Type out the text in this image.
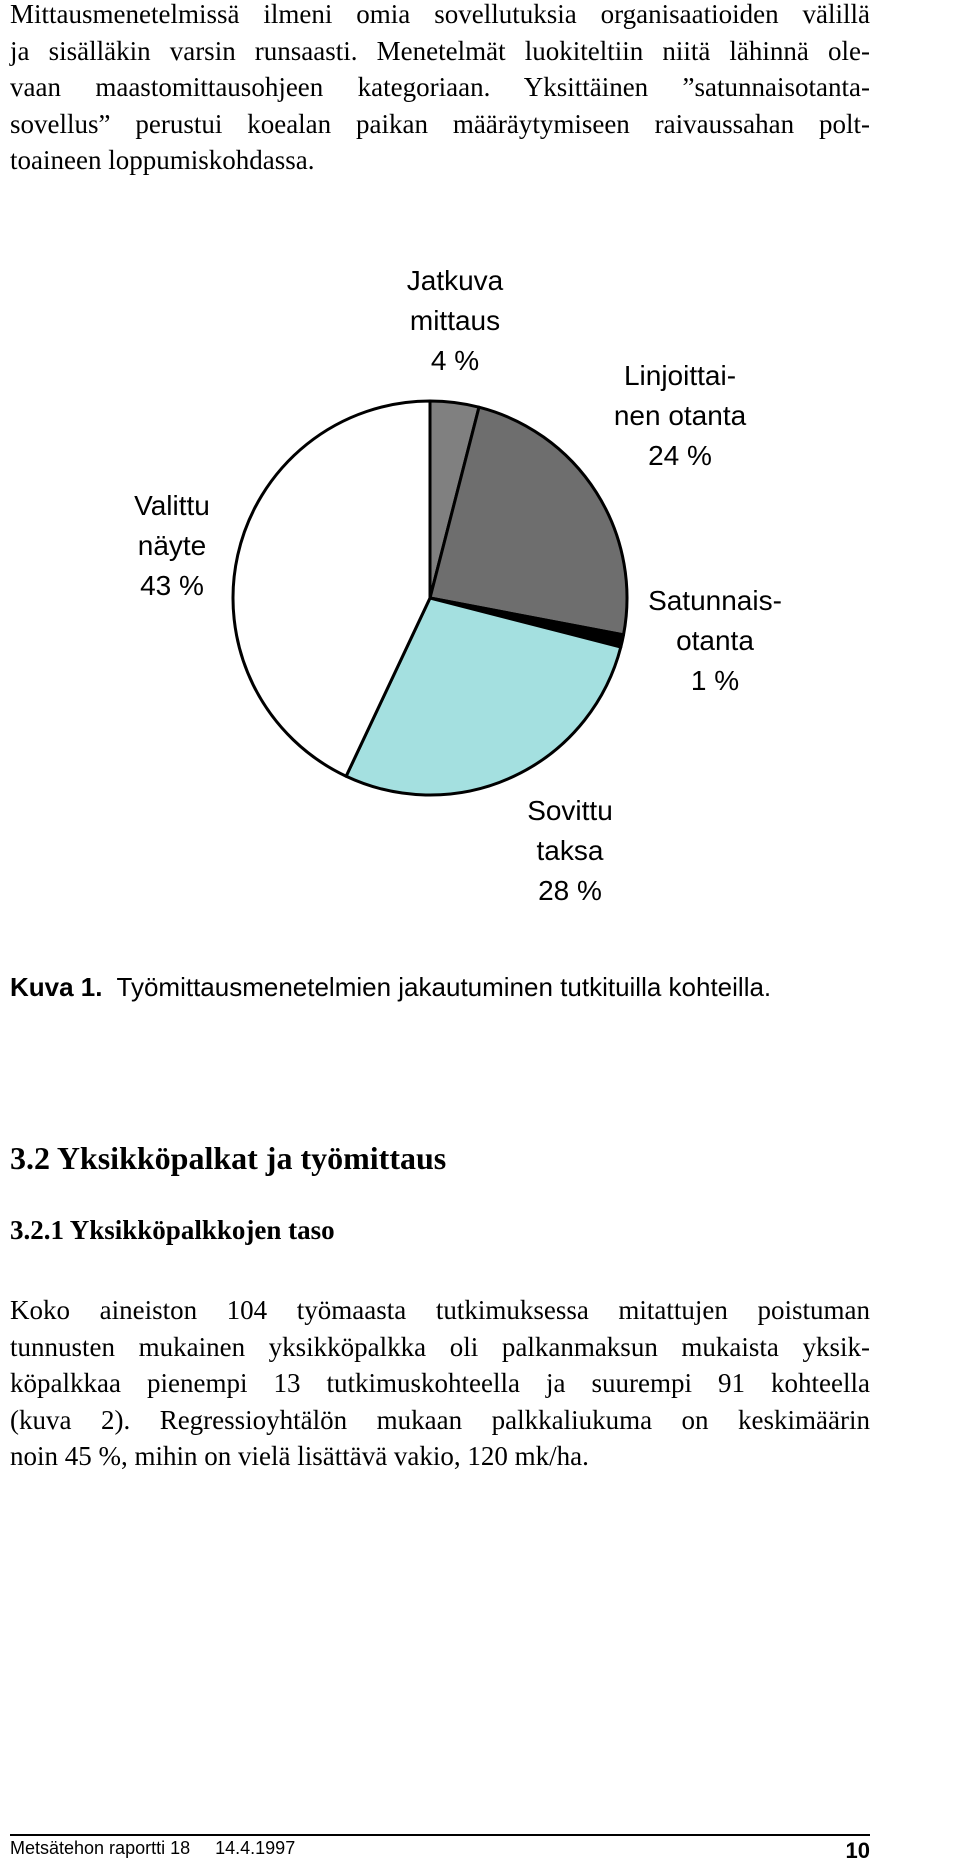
Mittausmenetelmissä ilmeni omia sovellutuksia organisaatioiden välillä
ja sisälläkin varsin runsaasti. Menetelmät luokiteltiin niitä lähinnä ole-
vaan maastomittausohjeen kategoriaan. Yksittäinen ”satunnaisotanta-
sovellus” perustui koealan paikan määräytymiseen raivaussahan polt-
toaineen loppumiskohdassa.
Jatkuva
mittaus
4 %	Linjoittai-
nen otanta
24 %
Satunnais-
otanta
1 %
Sovittu
taksa
28 %
Valittu
näyte
43 %

Kuva 1. Työmittausmenetelmien jakautuminen tutkituilla kohteilla.

3.2 Yksikköpalkat ja työmittaus
3.2.1 Yksikköpalkkojen taso
Koko aineiston 104 työmaasta tutkimuksessa mitattujen poistuman
tunnusten mukainen yksikköpalkka oli palkanmaksun mukaista yksik-
köpalkkaa pienempi 13 tutkimuskohteella ja suurempi 91 kohteella
(kuva 2). Regressioyhtälön mukaan palkkaliukuma on keskimäärin
noin 45 %, mihin on vielä lisättävä vakio, 120 mk/ha.
Metsätehon raportti 18 14.4.1997	10
